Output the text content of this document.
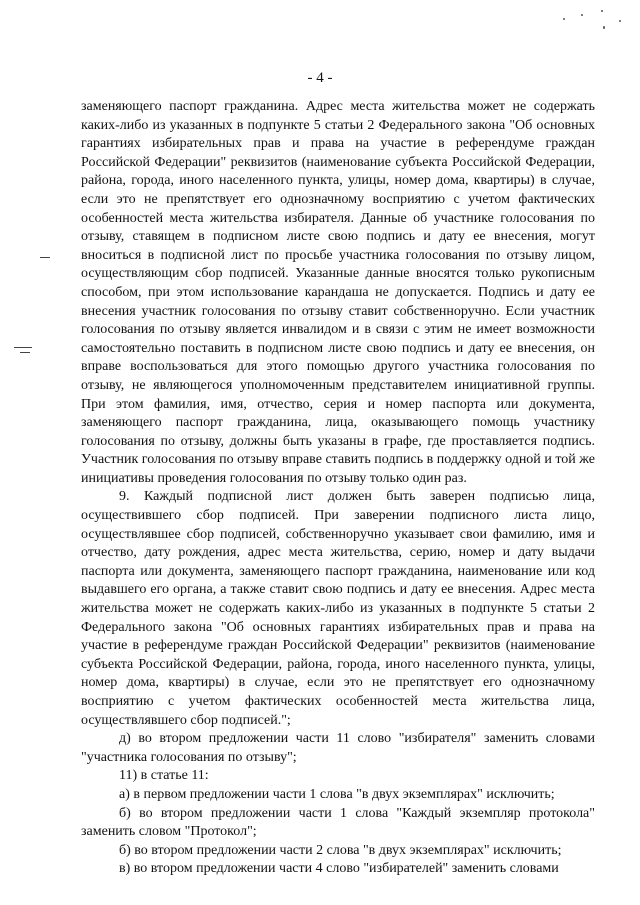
- 4 -

заменяющего паспорт гражданина. Адрес места жительства может не содержать каких-либо из указанных в подпункте 5 статьи 2 Федерального закона "Об основных гарантиях избирательных прав и права на участие в референдуме граждан Российской Федерации" реквизитов (наименование субъекта Российской Федерации, района, города, иного населенного пункта, улицы, номер дома, квартиры) в случае, если это не препятствует его однозначному восприятию с учетом фактических особенностей места жительства избирателя. Данные об участнике голосования по отзыву, ставящем в подписном листе свою подпись и дату ее внесения, могут вноситься в подписной лист по просьбе участника голосования по отзыву лицом, осуществляющим сбор подписей. Указанные данные вносятся только рукописным способом, при этом использование карандаша не допускается. Подпись и дату ее внесения участник голосования по отзыву ставит собственноручно. Если участник голосования по отзыву является инвалидом и в связи с этим не имеет возможности самостоятельно поставить в подписном листе свою подпись и дату ее внесения, он вправе воспользоваться для этого помощью другого участника голосования по отзыву, не являющегося уполномоченным представителем инициативной группы. При этом фамилия, имя, отчество, серия и номер паспорта или документа, заменяющего паспорт гражданина, лица, оказывающего помощь участнику голосования по отзыву, должны быть указаны в графе, где проставляется подпись. Участник голосования по отзыву вправе ставить подпись в поддержку одной и той же инициативы проведения голосования по отзыву только один раз.

9. Каждый подписной лист должен быть заверен подписью лица, осуществившего сбор подписей. При заверении подписного листа лицо, осуществлявшее сбор подписей, собственноручно указывает свои фамилию, имя и отчество, дату рождения, адрес места жительства, серию, номер и дату выдачи паспорта или документа, заменяющего паспорт гражданина, наименование или код выдавшего его органа, а также ставит свою подпись и дату ее внесения. Адрес места жительства может не содержать каких-либо из указанных в подпункте 5 статьи 2 Федерального закона "Об основных гарантиях избирательных прав и права на участие в референдуме граждан Российской Федерации" реквизитов (наименование субъекта Российской Федерации, района, города, иного населенного пункта, улицы, номер дома, квартиры) в случае, если это не препятствует его однозначному восприятию с учетом фактических особенностей места жительства лица, осуществлявшего сбор подписей.";

д) во втором предложении части 11 слово "избирателя" заменить словами "участника голосования по отзыву";

11) в статье 11:

а) в первом предложении части 1 слова "в двух экземплярах" исключить;

б) во втором предложении части 1 слова "Каждый экземпляр протокола" заменить словом "Протокол";

б) во втором предложении части 2 слова "в двух экземплярах" исключить;

в) во втором предложении части 4 слово "избирателей" заменить словами
